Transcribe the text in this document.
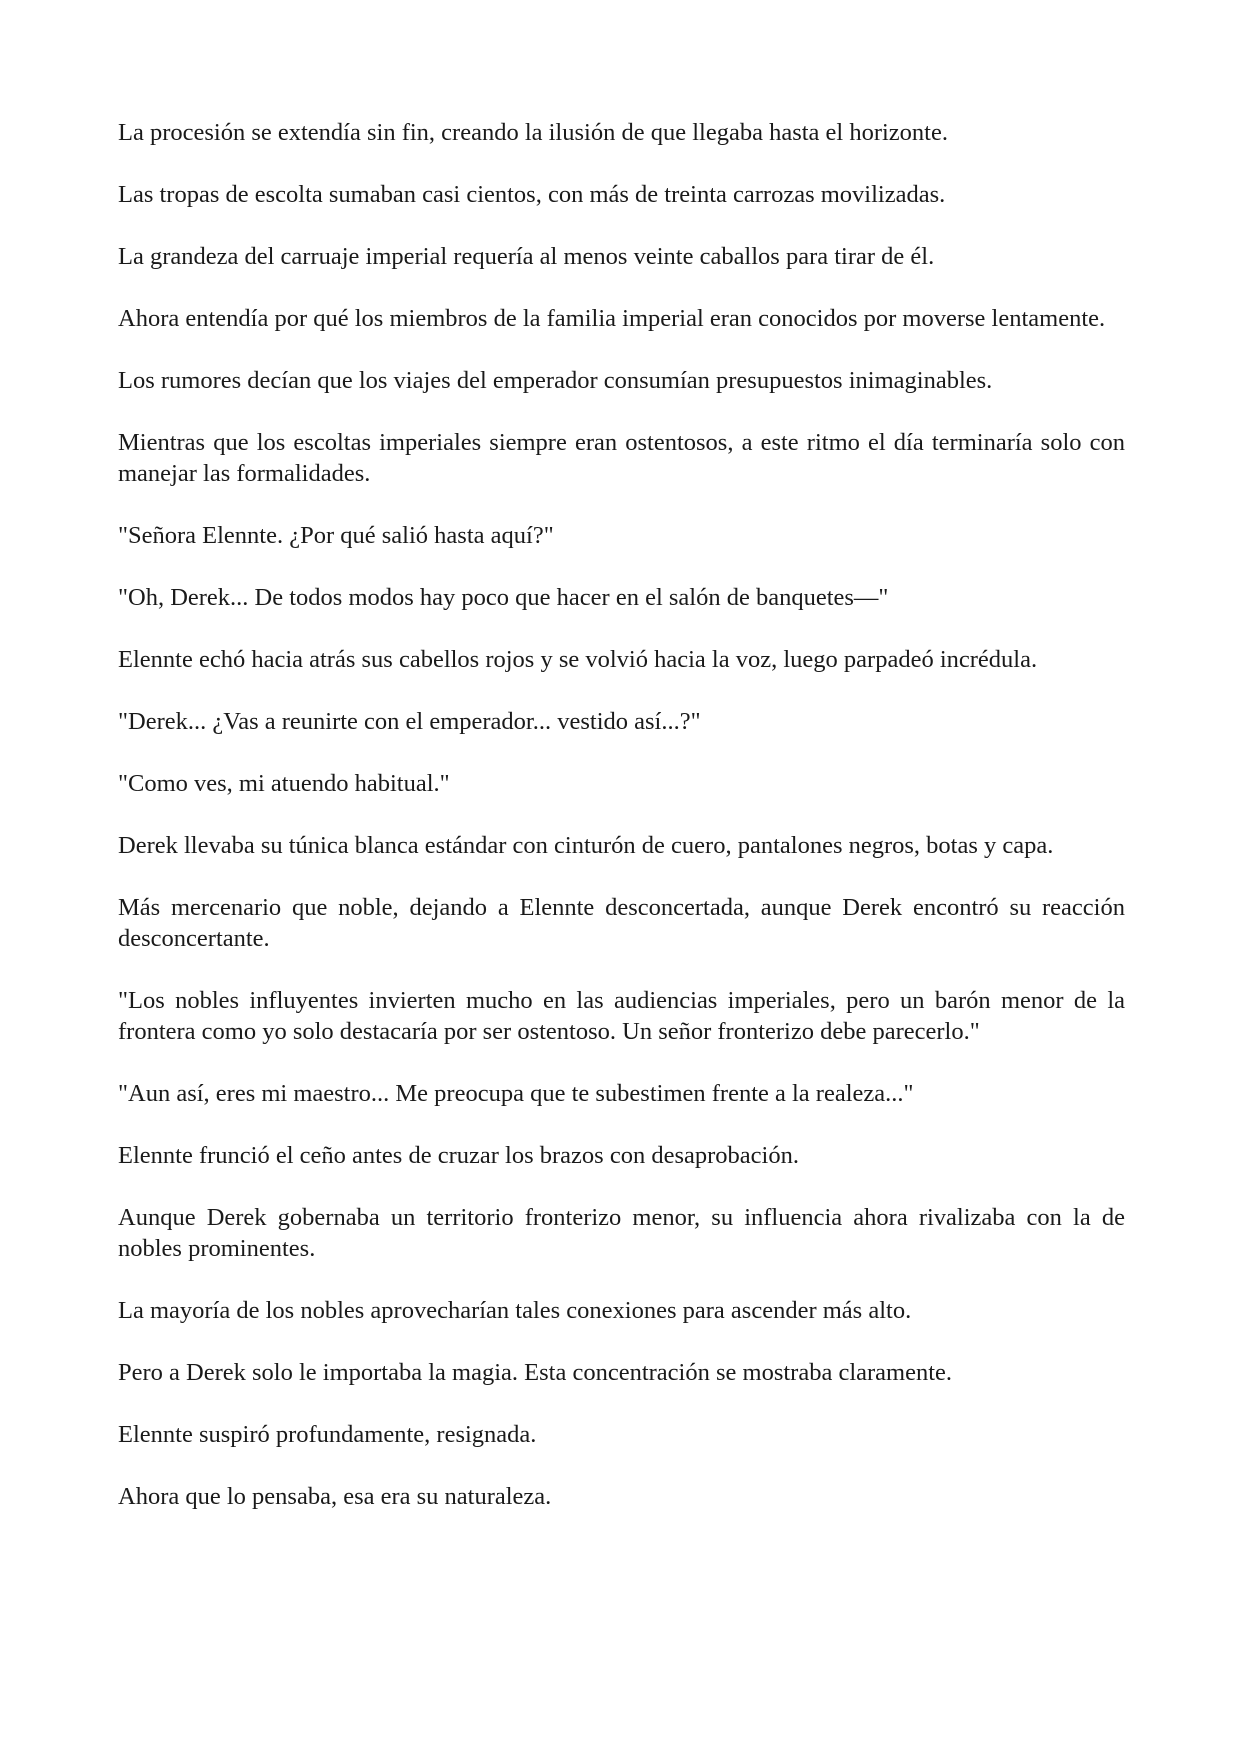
La procesión se extendía sin fin, creando la ilusión de que llegaba hasta el horizonte.

Las tropas de escolta sumaban casi cientos, con más de treinta carrozas movilizadas.

La grandeza del carruaje imperial requería al menos veinte caballos para tirar de él.

Ahora entendía por qué los miembros de la familia imperial eran conocidos por moverse lentamente.

Los rumores decían que los viajes del emperador consumían presupuestos inimaginables.

Mientras que los escoltas imperiales siempre eran ostentosos, a este ritmo el día terminaría solo con manejar las formalidades.

"Señora Elennte. ¿Por qué salió hasta aquí?"

"Oh, Derek... De todos modos hay poco que hacer en el salón de banquetes—"

Elennte echó hacia atrás sus cabellos rojos y se volvió hacia la voz, luego parpadeó incrédula.

"Derek... ¿Vas a reunirte con el emperador... vestido así...?"

"Como ves, mi atuendo habitual."

Derek llevaba su túnica blanca estándar con cinturón de cuero, pantalones negros, botas y capa.

Más mercenario que noble, dejando a Elennte desconcertada, aunque Derek encontró su reacción desconcertante.

"Los nobles influyentes invierten mucho en las audiencias imperiales, pero un barón menor de la frontera como yo solo destacaría por ser ostentoso. Un señor fronterizo debe parecerlo."

"Aun así, eres mi maestro... Me preocupa que te subestimen frente a la realeza..."

Elennte frunció el ceño antes de cruzar los brazos con desaprobación.

Aunque Derek gobernaba un territorio fronterizo menor, su influencia ahora rivalizaba con la de nobles prominentes.

La mayoría de los nobles aprovecharían tales conexiones para ascender más alto.

Pero a Derek solo le importaba la magia. Esta concentración se mostraba claramente.

Elennte suspiró profundamente, resignada.

Ahora que lo pensaba, esa era su naturaleza.
